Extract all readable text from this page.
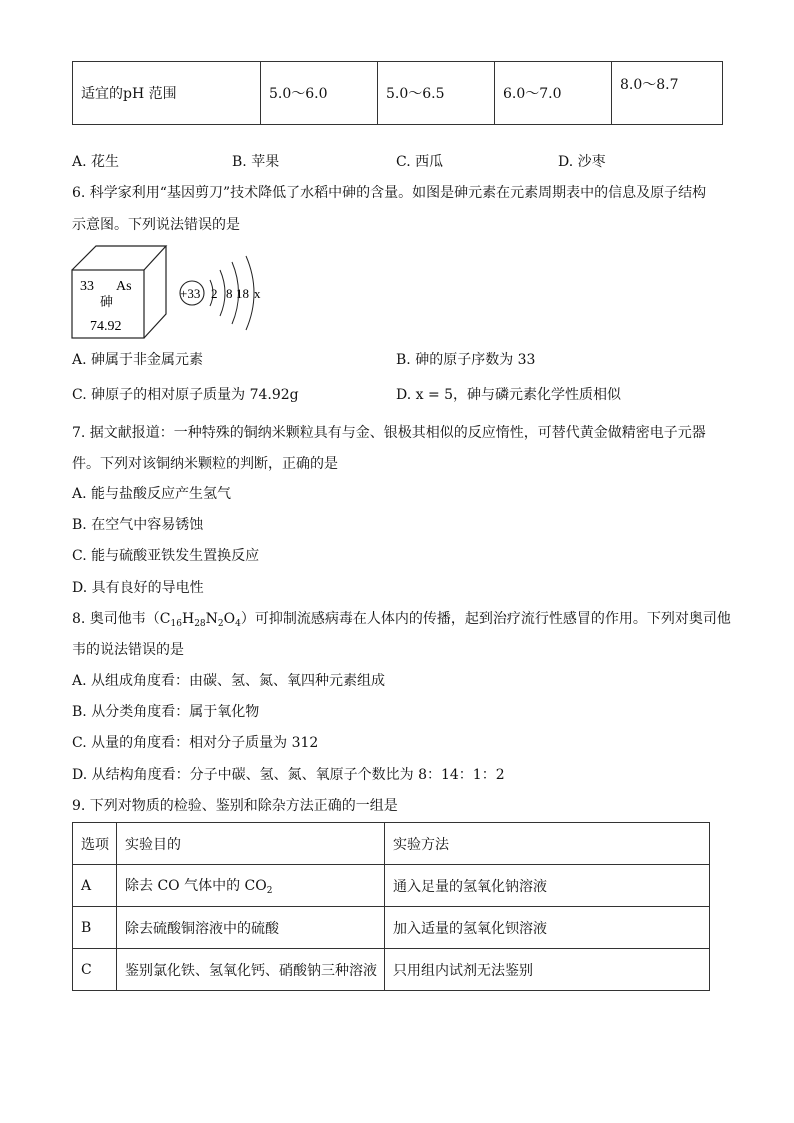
适宜的pH 范围	5.0～6.0	5.0～6.5	6.0～7.0	8.0～8.7
A. 花生	B. 苹果	C. 西瓜	D. 沙枣
6. 科学家利用“基因剪刀”技术降低了水稻中砷的含量。如图是砷元素在元素周期表中的信息及原子结构
示意图。下列说法错误的是
33 As
砷
74.92
+33 2 8 18 x
A. 砷属于非金属元素	B. 砷的原子序数为 33
C. 砷原子的相对原子质量为 74.92g	D. x = 5，砷与磷元素化学性质相似
7. 据文献报道：一种特殊的铜纳米颗粒具有与金、银极其相似的反应惰性，可替代黄金做精密电子元器
件。下列对该铜纳米颗粒的判断，正确的是
A. 能与盐酸反应产生氢气
B. 在空气中容易锈蚀
C. 能与硫酸亚铁发生置换反应
D. 具有良好的导电性
8. 奥司他韦$(C_{16}H_{28}N_2O_4)$可抑制流感病毒在人体内的传播，起到治疗流行性感冒的作用。下列对奥司他
韦的说法错误的是
A. 从组成角度看：由碳、氢、氮、氧四种元素组成
B. 从分类角度看：属于氧化物
C. 从量的角度看：相对分子质量为 312
D. 从结构角度看：分子中碳、氢、氮、氧原子个数比为 8：14：1：2
9. 下列对物质的检验、鉴别和除杂方法正确的一组是
选项	实验目的	实验方法
A	除去 CO 气体中的 $CO_2$	通入足量的氢氧化钠溶液
B	除去硫酸铜溶液中的硫酸	加入适量的氢氧化钡溶液
C	鉴别氯化铁、氢氧化钙、硝酸钠三种溶液	只用组内试剂无法鉴别
